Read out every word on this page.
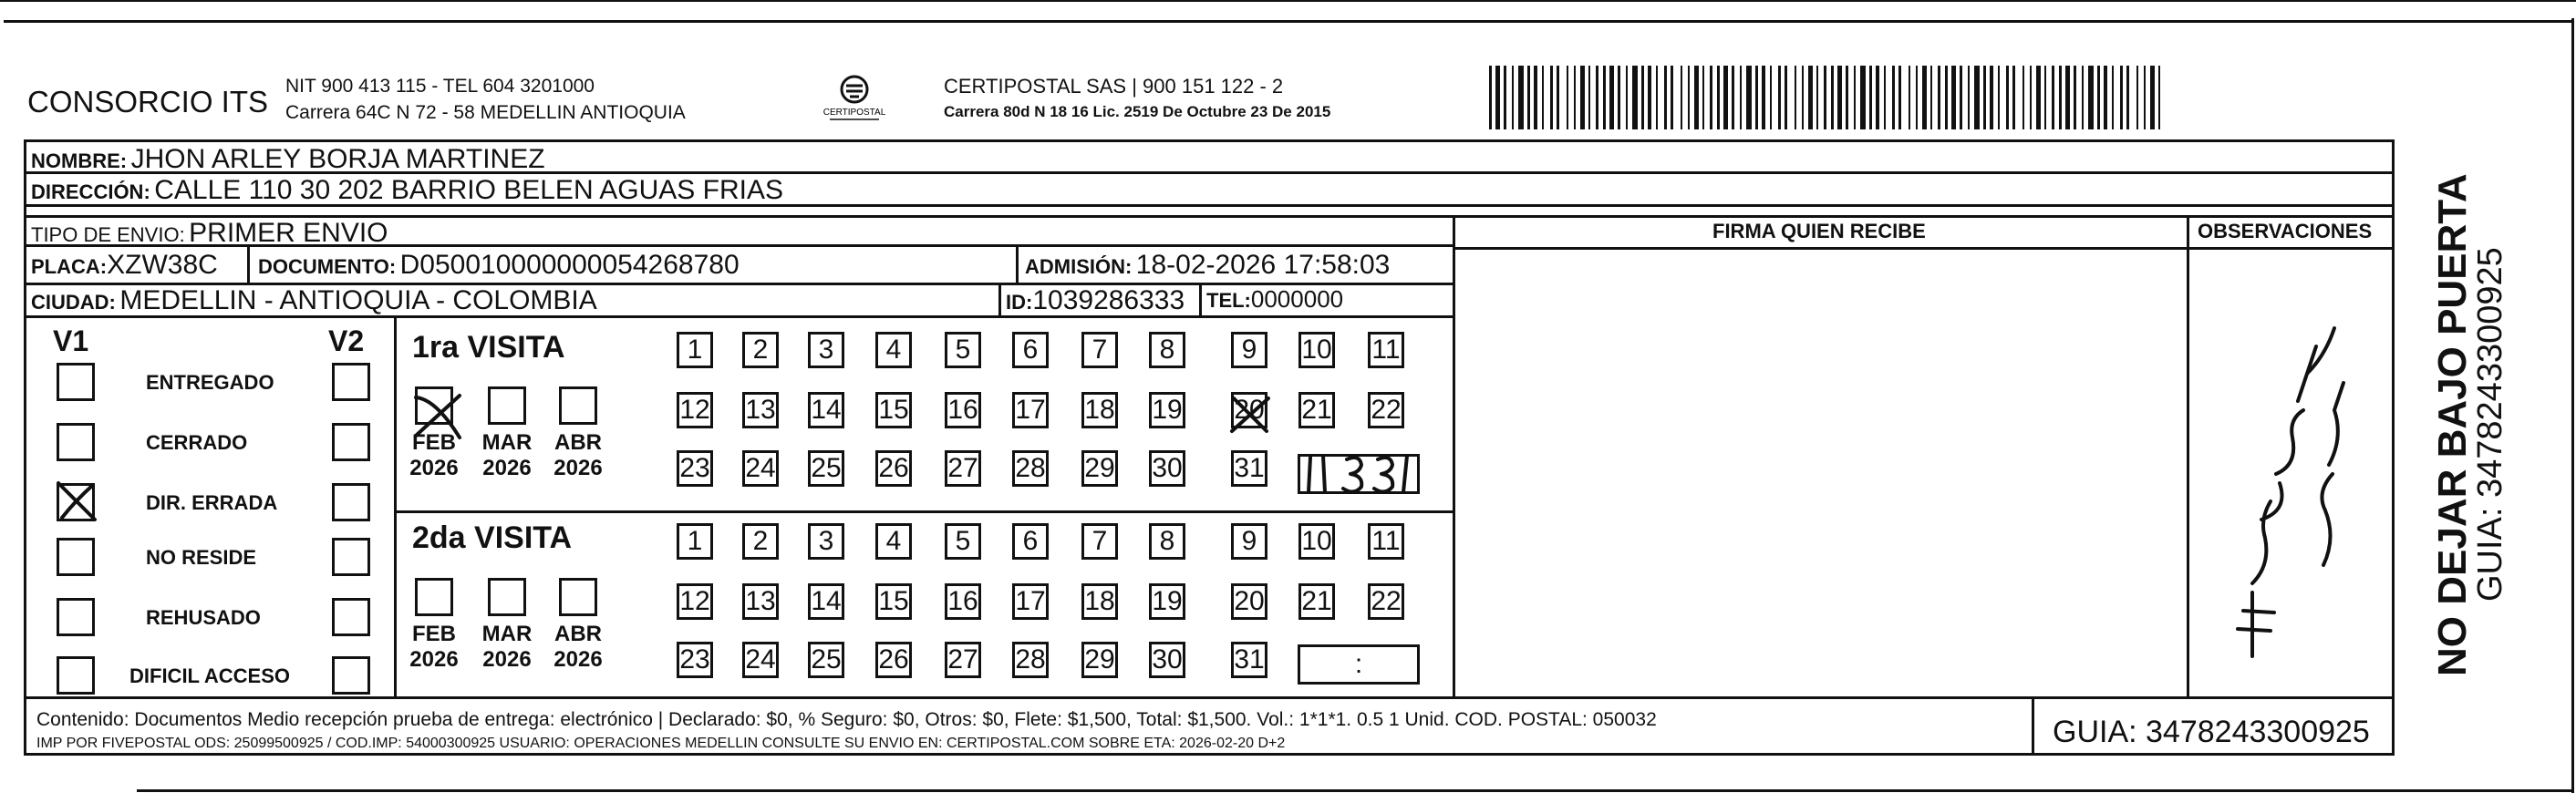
CONSORCIO ITS NIT 900 413 115 - TEL 604 3201000
Carrera 64C N 72 - 58 MEDELLIN ANTIOQUIA	CERTIPOSTAL
CERTIPOSTAL SAS | 900 151 122 - 2
Carrera 80d N 18 16 Lic. 2519 De Octubre 23 De 2015
NOMBRE: JHON ARLEY BORJA MARTINEZ
DIRECCIÓN: CALLE 110 30 202 BARRIO BELEN AGUAS FRIAS
TIPO DE ENVIO: PRIMER ENVIO
PLACA:XZW38C DOCUMENTO: D050010000000054268780	ADMISIÓN: 18-02-2026 17:58:03
CIUDAD: MEDELLIN - ANTIOQUIA - COLOMBIA	ID:1039286333 TEL:0000000
FIRMA QUIEN RECIBE	OBSERVACIONES
V1	V2
ENTREGADO
CERRADO
DIR. ERRADA
NO RESIDE
REHUSADO
DIFICIL ACCESO
1ra VISITA
FEB
2026
MAR
2026
ABR
2026
1	2	3	4	5	6	7	8	9	10 11
12 13 14 15 16 17 18 19 20 21 22
23 24 25 26 27 28 29 30 31
2da VISITA
FEB
2026
MAR
2026
ABR
2026
1	2	3	4	5	6	7	8	9	10 11
12 13 14 15 16 17 18 19 20 21 22
23 24 25 26 27 28 29 30 31	:
Contenido: Documentos Medio recepción prueba de entrega: electrónico | Declarado: $0, % Seguro: $0, Otros: $0, Flete: $1,500, Total: $1,500. Vol.: 1*1*1. 0.5 1 Unid. COD. POSTAL: 050032
IMP POR FIVEPOSTAL ODS: 25099500925 / COD.IMP: 54000300925 USUARIO: OPERACIONES MEDELLIN CONSULTE SU ENVIO EN: CERTIPOSTAL.COM SOBRE ETA: 2026-02-20 D+2	GUIA: 3478243300925
NO DEJAR BAJO PUERTA
GUIA: 3478243300925
